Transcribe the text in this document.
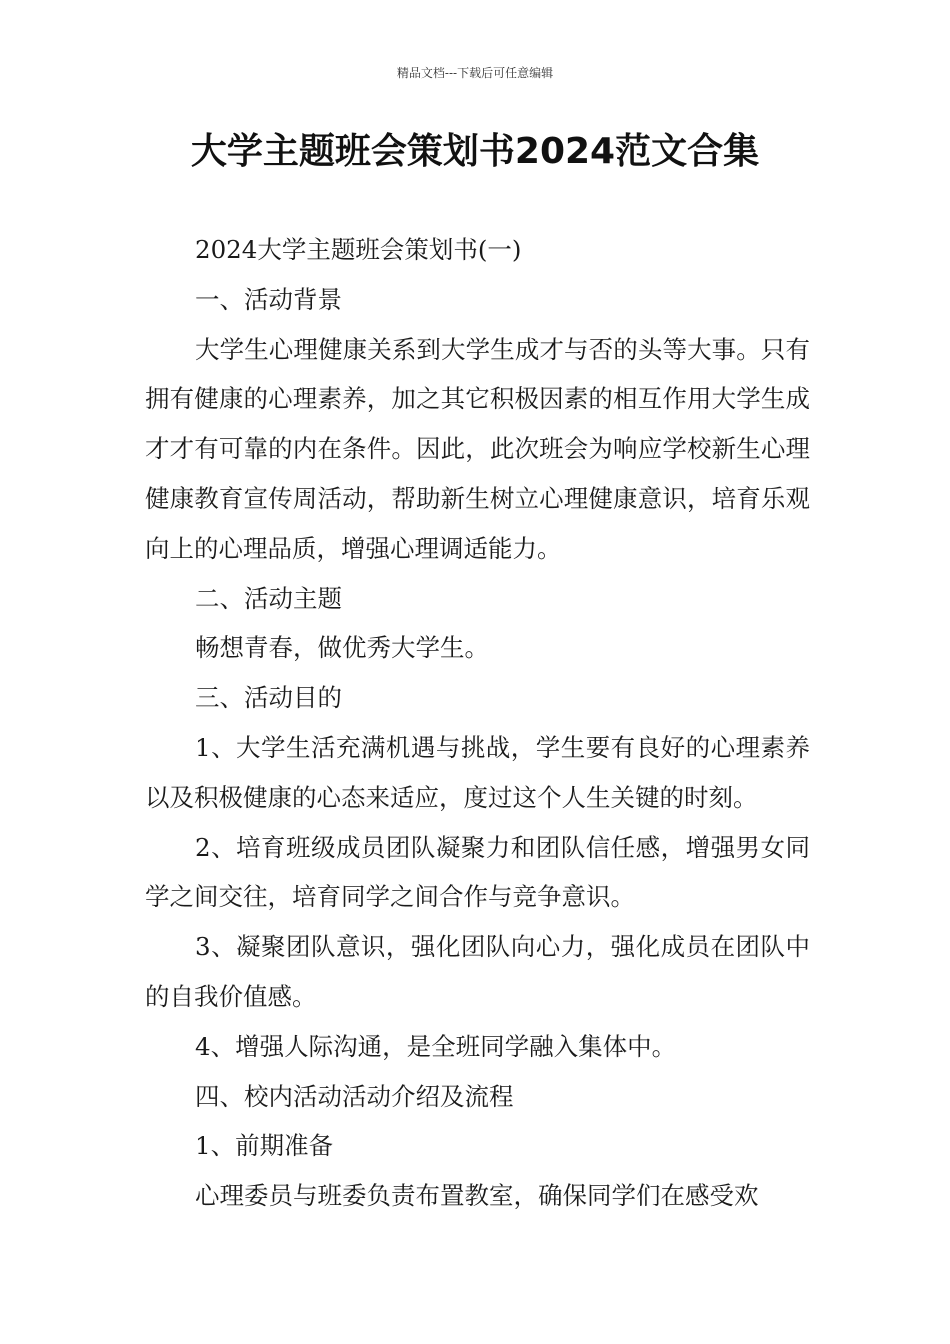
精品文档---下载后可任意编辑
大学主题班会策划书2024范文合集

2024大学主题班会策划书(一)

一、活动背景

大学生心理健康关系到大学生成才与否的头等大事。只有拥有健康的心理素养，加之其它积极因素的相互作用大学生成才才有可靠的内在条件。因此，此次班会为响应学校新生心理健康教育宣传周活动，帮助新生树立心理健康意识，培育乐观向上的心理品质，增强心理调适能力。

二、活动主题

畅想青春，做优秀大学生。

三、活动目的

1、大学生活充满机遇与挑战，学生要有良好的心理素养以及积极健康的心态来适应，度过这个人生关键的时刻。

2、培育班级成员团队凝聚力和团队信任感，增强男女同学之间交往，培育同学之间合作与竞争意识。

3、凝聚团队意识，强化团队向心力，强化成员在团队中的自我价值感。

4、增强人际沟通，是全班同学融入集体中。

四、校内活动活动介绍及流程

1、前期准备

心理委员与班委负责布置教室，确保同学们在感受欢
